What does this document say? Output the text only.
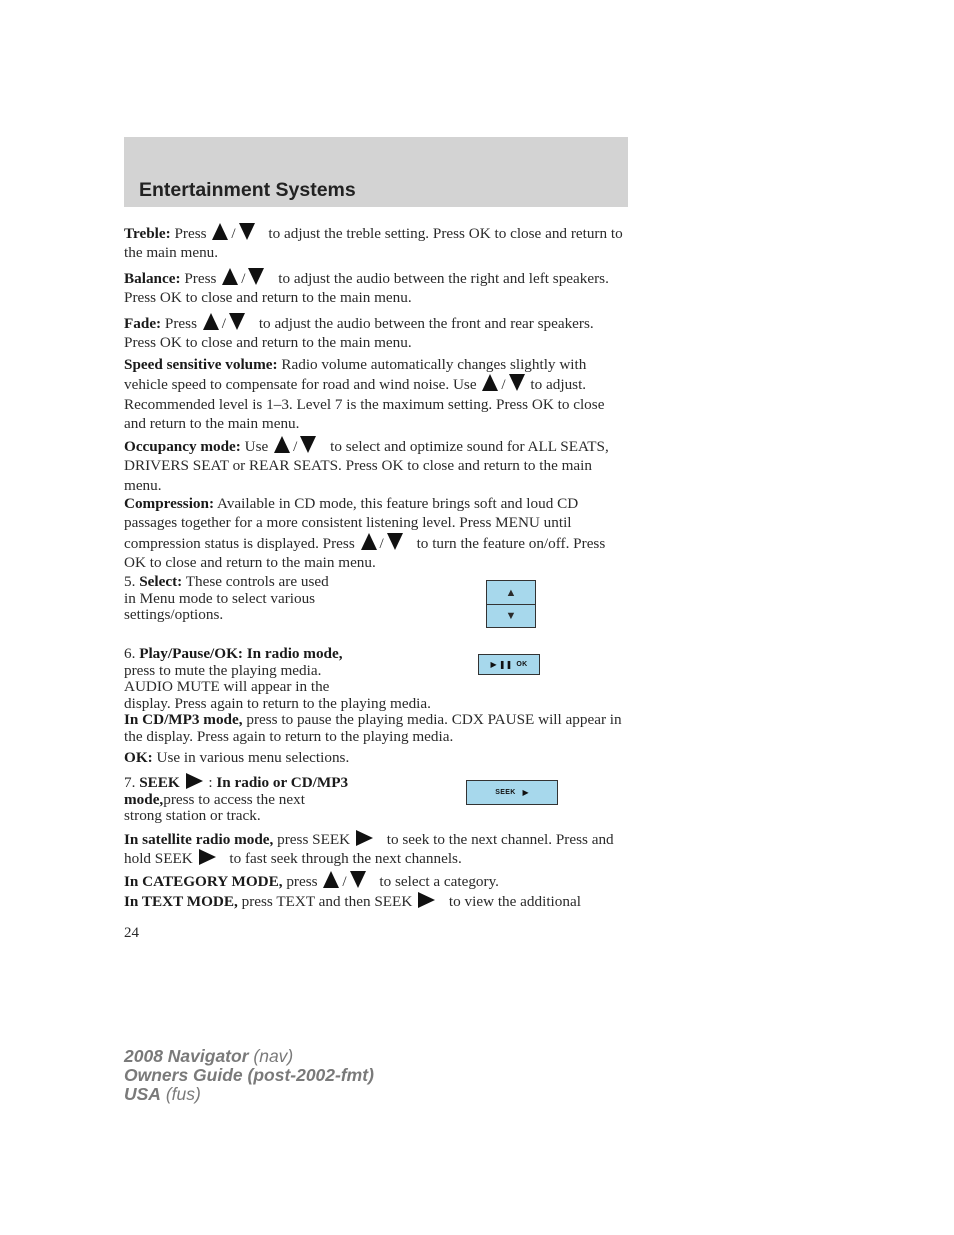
Entertainment Systems
Treble: Press / to adjust the treble setting. Press OK to close and return to the main menu.
Balance: Press / to adjust the audio between the right and left speakers. Press OK to close and return to the main menu.
Fade: Press / to adjust the audio between the front and rear speakers. Press OK to close and return to the main menu.
Speed sensitive volume: Radio volume automatically changes slightly with vehicle speed to compensate for road and wind noise. Use / to adjust. Recommended level is 1–3. Level 7 is the maximum setting. Press OK to close and return to the main menu.
Occupancy mode: Use / to select and optimize sound for ALL SEATS, DRIVERS SEAT or REAR SEATS. Press OK to close and return to the main menu.
Compression: Available in CD mode, this feature brings soft and loud CD passages together for a more consistent listening level. Press MENU until compression status is displayed. Press / to turn the feature on/off. Press OK to close and return to the main menu.
5. Select: These controls are used
in Menu mode to select various
settings/options.
▲
▼
6. Play/Pause/OK: In radio mode,
press to mute the playing media.
AUDIO MUTE will appear in the
display. Press again to return to the playing media.
In CD/MP3 mode, press to pause the playing media. CDX PAUSE will appear in the display. Press again to return to the playing media.
▶ ❚❚ OK
OK: Use in various menu selections.
7. SEEK : In radio or CD/MP3
mode,press to access the next
strong station or track.
SEEK ▶
In satellite radio mode, press SEEK to seek to the next channel. Press and hold SEEK to fast seek through the next channels.
In CATEGORY MODE, press / to select a category.
In TEXT MODE, press TEXT and then SEEK to view the additional
24
2008 Navigator (nav)
Owners Guide (post-2002-fmt)
USA (fus)
